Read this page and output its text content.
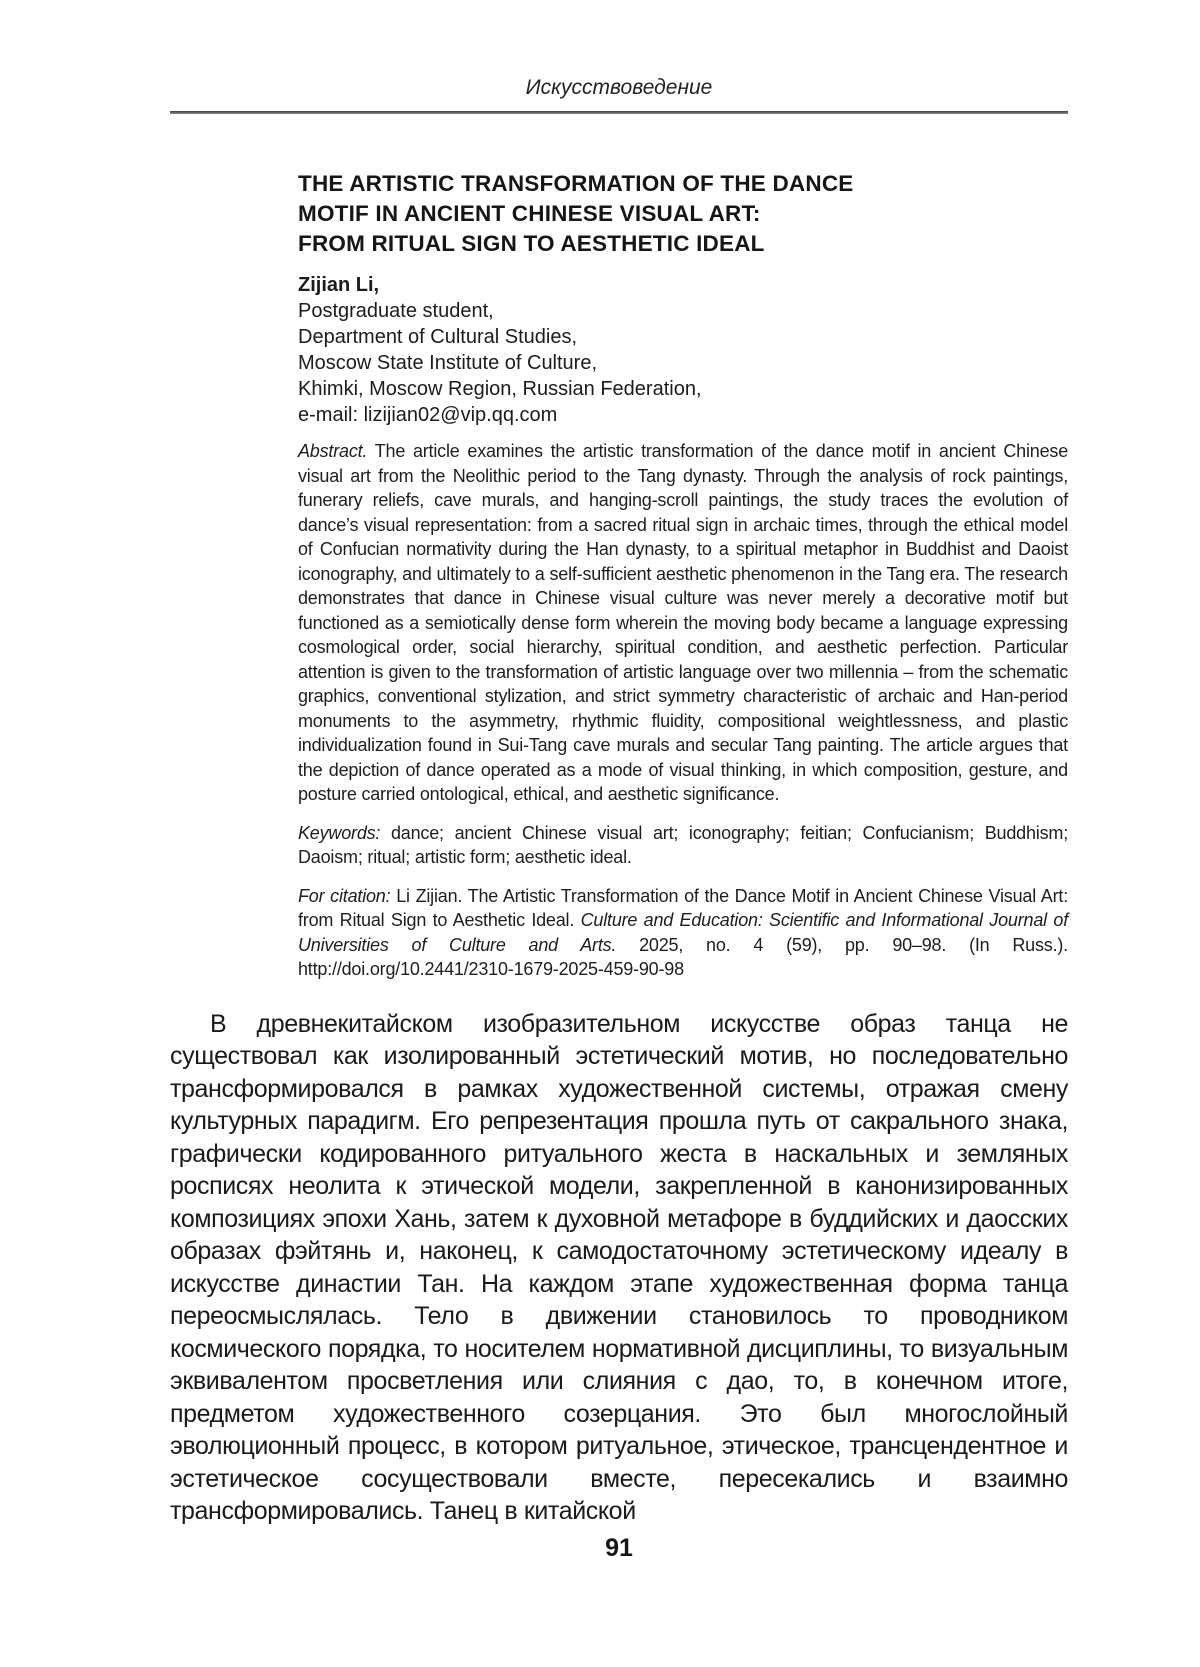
Искусствоведение
THE ARTISTIC TRANSFORMATION OF THE DANCE
MOTIF IN ANCIENT CHINESE VISUAL ART:
FROM RITUAL SIGN TO AESTHETIC IDEAL
Zijian Li,
Postgraduate student,
Department of Cultural Studies,
Moscow State Institute of Culture,
Khimki, Moscow Region, Russian Federation,
e-mail: lizijian02@vip.qq.com

Abstract. The article examines the artistic transformation of the dance motif in ancient Chinese visual art from the Neolithic period to the Tang dynasty. Through the analysis of rock paintings, funerary reliefs, cave murals, and hanging-scroll paintings, the study traces the evolution of dance’s visual representation: from a sacred ritual sign in archaic times, through the ethical model of Confucian normativity during the Han dynasty, to a spiritual metaphor in Buddhist and Daoist iconography, and ultimately to a self-sufficient aesthetic phenomenon in the Tang era. The research demonstrates that dance in Chinese visual culture was never merely a decorative motif but functioned as a semiotically dense form wherein the moving body became a language expressing cosmological order, social hierarchy, spiritual condition, and aesthetic perfection. Particular attention is given to the transformation of artistic language over two millennia – from the schematic graphics, conventional stylization, and strict symmetry characteristic of archaic and Han-period monuments to the asymmetry, rhythmic fluidity, compositional weightlessness, and plastic individualization found in Sui-Tang cave murals and secular Tang painting. The article argues that the depiction of dance operated as a mode of visual thinking, in which composition, gesture, and posture carried ontological, ethical, and aesthetic significance.

Keywords: dance; ancient Chinese visual art; iconography; feitian; Confucianism; Buddhism; Daoism; ritual; artistic form; aesthetic ideal.

For citation: Li Zijian. The Artistic Transformation of the Dance Motif in Ancient Chinese Visual Art: from Ritual Sign to Aesthetic Ideal. Culture and Education: Scientific and Informational Journal of Universities of Culture and Arts. 2025, no. 4 (59), pp. 90–98. (In Russ.). http://doi.org/10.2441/2310-1679-2025-459-90-98

В древнекитайском изобразительном искусстве образ танца не существовал как изолированный эстетический мотив, но последовательно трансформировался в рамках художественной системы, отражая смену культурных парадигм. Его репрезентация прошла путь от сакрального знака, графически кодированного ритуального жеста в наскальных и земляных росписях неолита к этической модели, закрепленной в канонизированных композициях эпохи Хань, затем к духовной метафоре в буддийских и даосских образах фэйтянь и, наконец, к самодостаточному эстетическому идеалу в искусстве династии Тан. На каждом этапе художественная форма танца переосмыслялась. Тело в движении становилось то проводником космического порядка, то носителем нормативной дисциплины, то визуальным эквивалентом просветления или слияния с дао, то, в конечном итоге, предметом художественного созерцания. Это был многослойный эволюционный процесс, в котором ритуальное, этическое, трансцендентное и эстетическое сосуществовали вместе, пересекались и взаимно трансформировались. Танец в китайской

91
